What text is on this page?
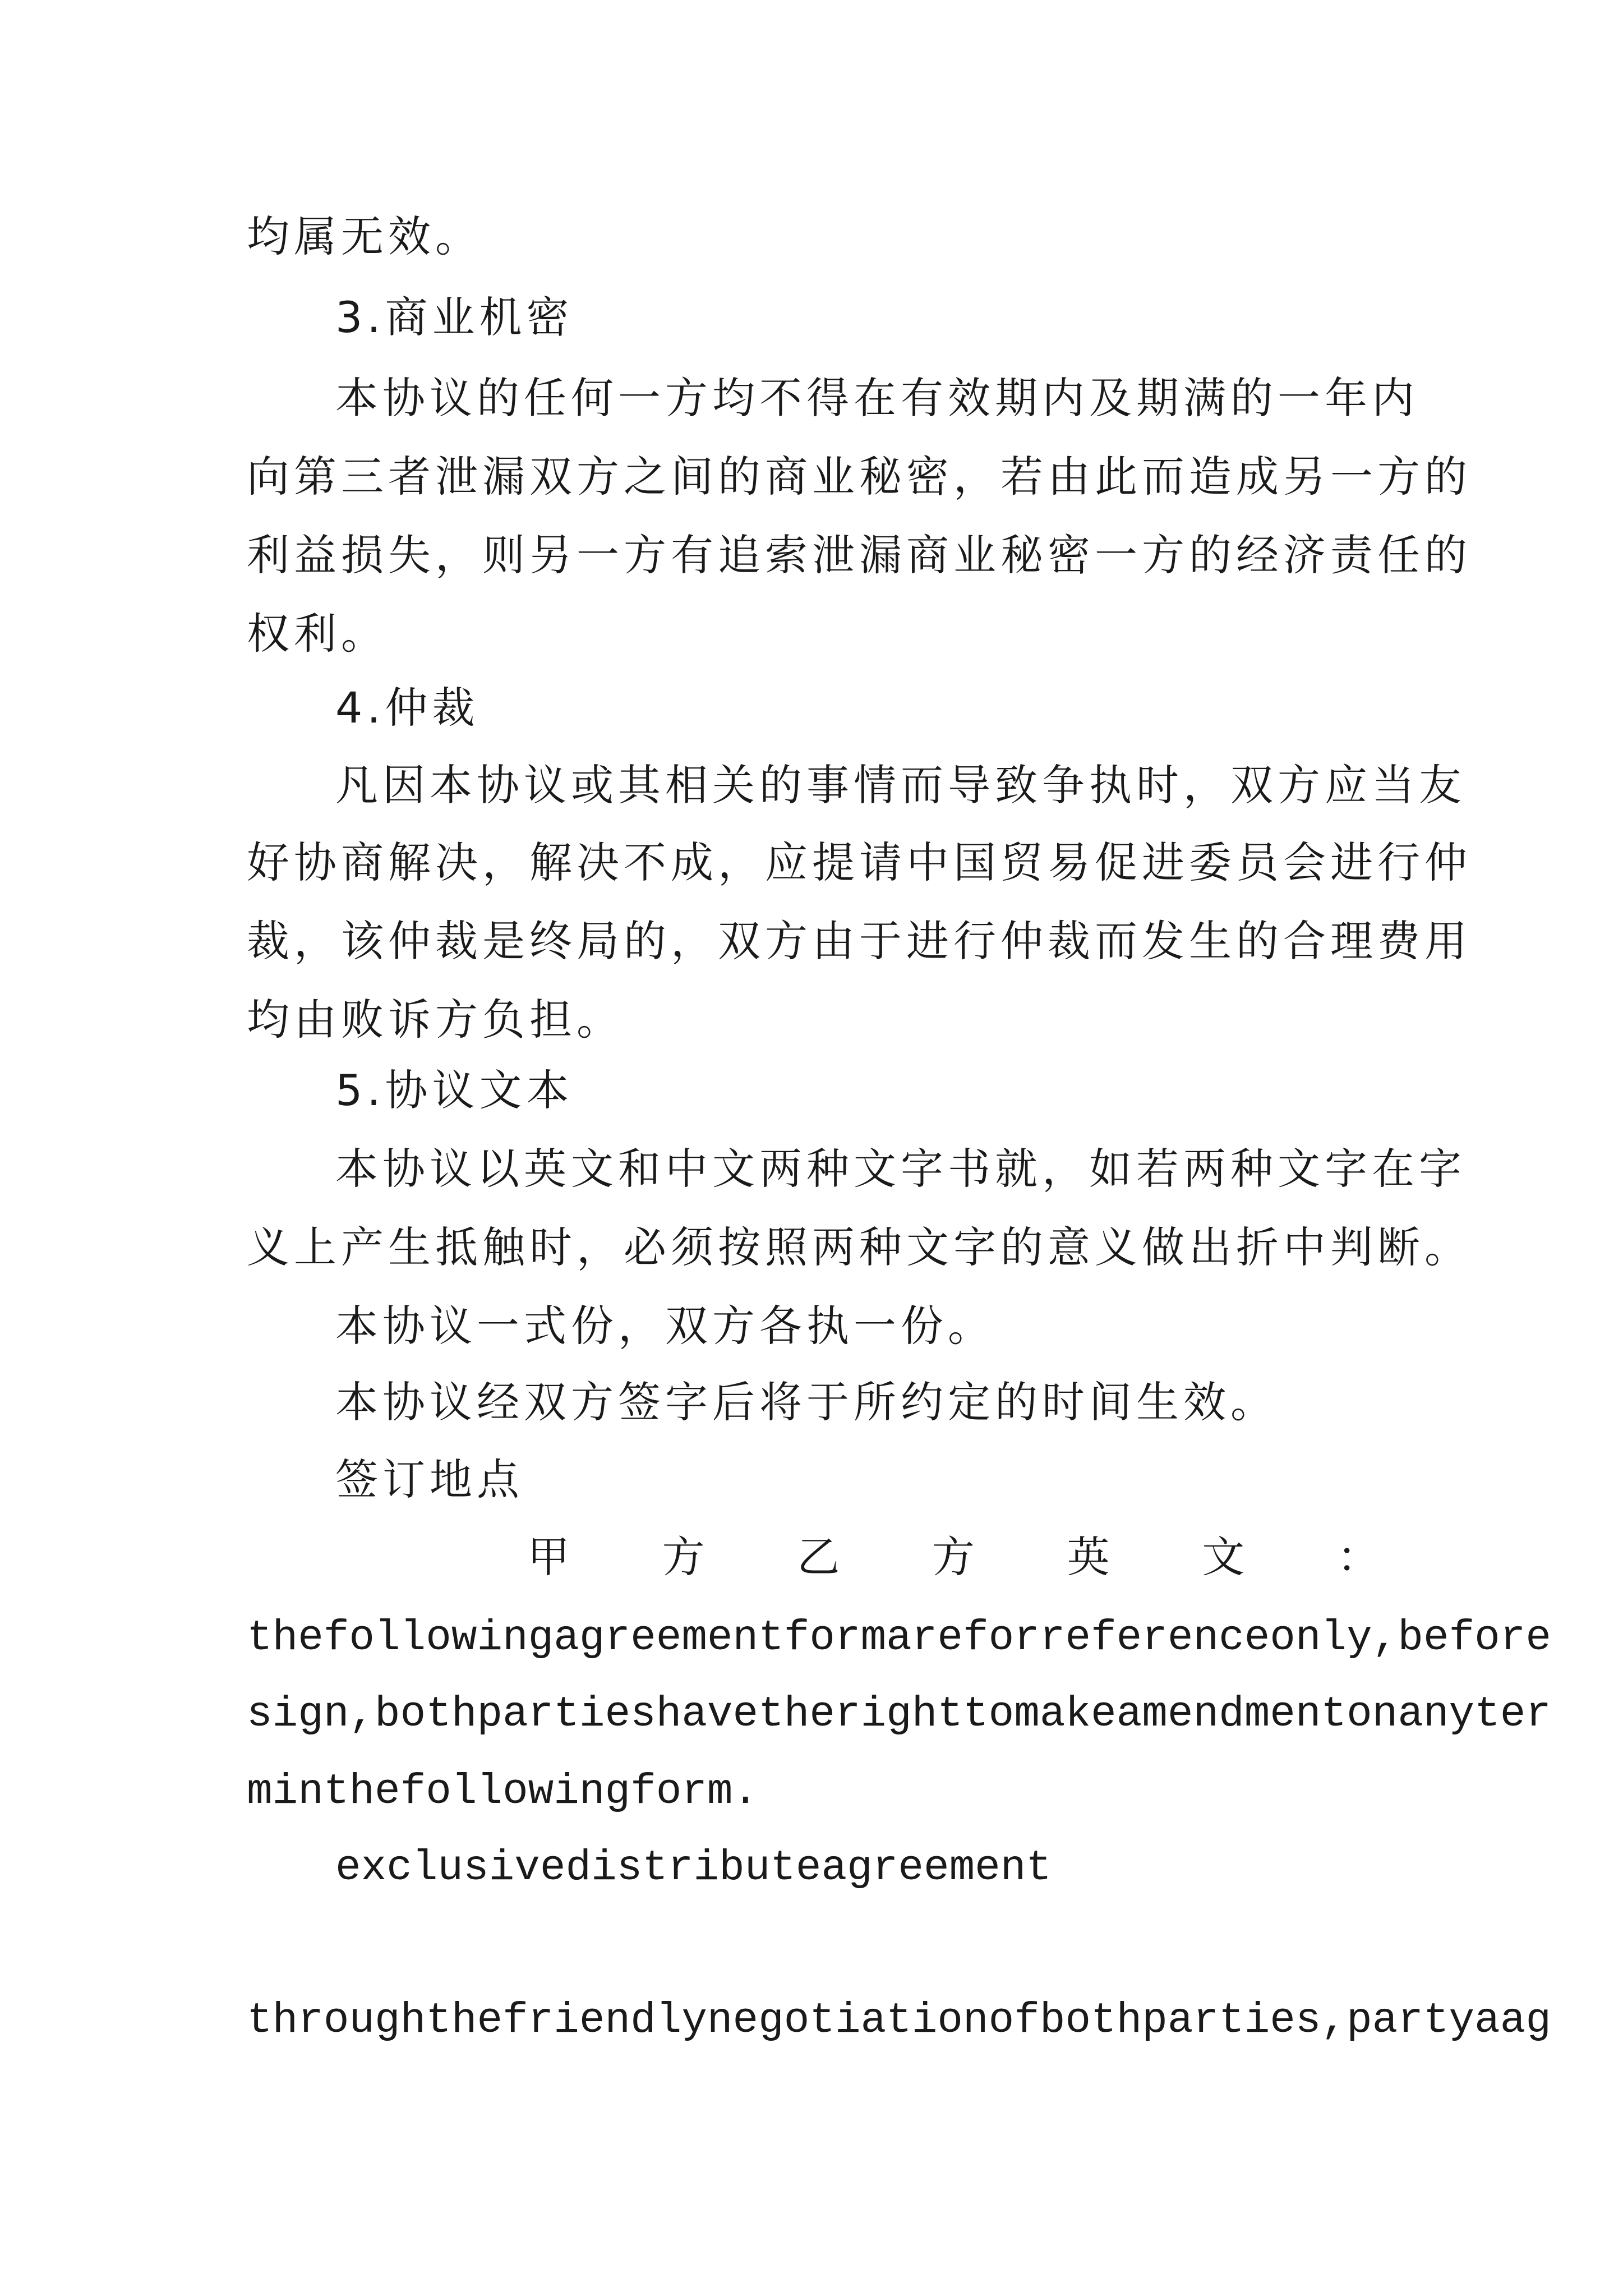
均属无效。

3.商业机密

本协议的任何一方均不得在有效期内及期满的一年内

向第三者泄漏双方之间的商业秘密，若由此而造成另一方的

利益损失，则另一方有追索泄漏商业秘密一方的经济责任的

权利。

4.仲裁

凡因本协议或其相关的事情而导致争执时，双方应当友

好协商解决，解决不成，应提请中国贸易促进委员会进行仲

裁，该仲裁是终局的，双方由于进行仲裁而发生的合理费用

均由败诉方负担。

5.协议文本

本协议以英文和中文两种文字书就，如若两种文字在字

义上产生抵触时，必须按照两种文字的意义做出折中判断。

本协议一式份，双方各执一份。

本协议经双方签字后将于所约定的时间生效。

签订地点

甲 方 乙 方 英 文 ：

thefollowingagreementformareforreferenceonly,before

sign,bothpartieshavetherighttomakeamendmentonanyter

minthefollowingform.

exclusivedistributeagreement

throughthefriendlynegotiationofbothparties,partyaag
